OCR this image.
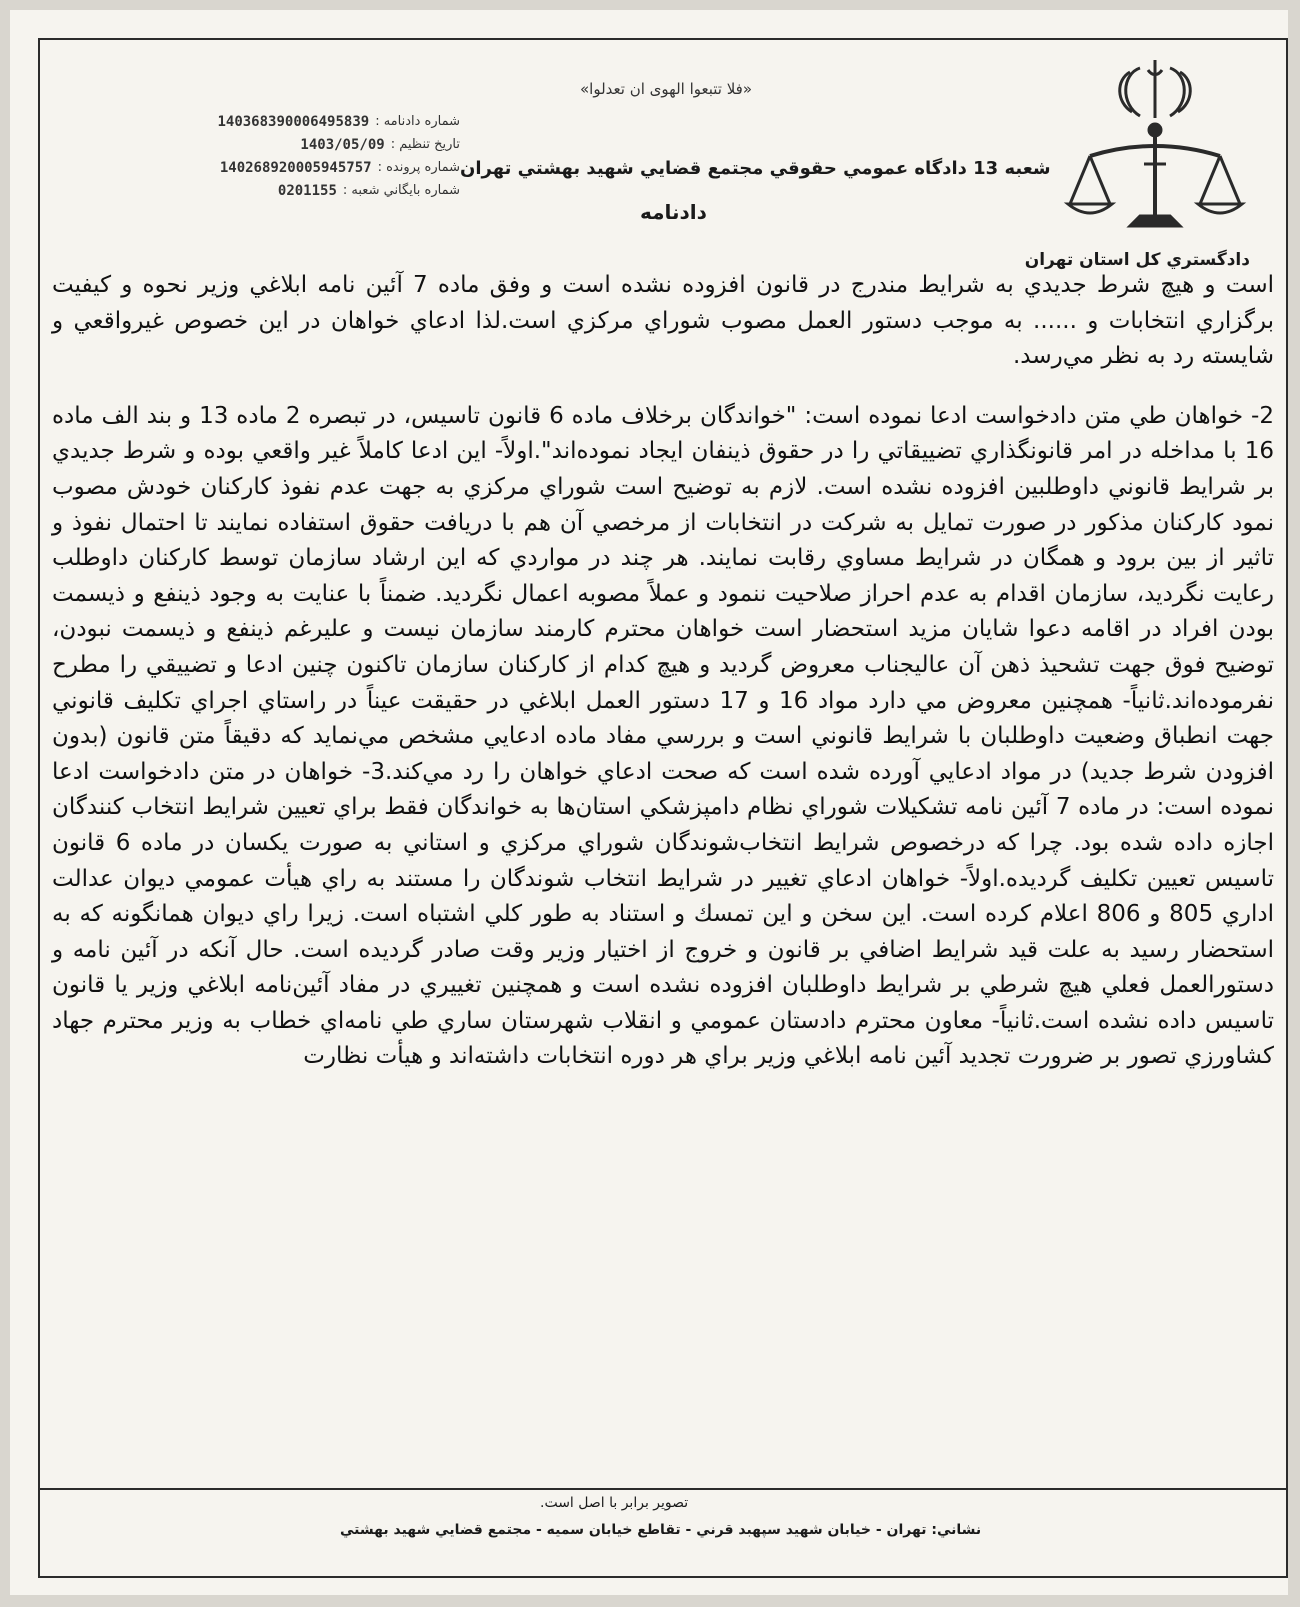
دادگستري كل استان تهران
«فلا تتبعوا الهوی ان تعدلوا»
شعبه 13 دادگاه عمومي حقوقي مجتمع قضايي شهيد بهشتي تهران
دادنامه
شماره دادنامه :
140368390006495839
تاريخ تنظيم :
1403/05/09
شماره پرونده :
140268920005945757
شماره بايگاني شعبه :
0201155

است و هيچ شرط جديدي به شرايط مندرج در قانون افزوده نشده است و وفق ماده 7 آئين نامه ابلاغي وزير نحوه و كيفيت برگزاري انتخابات و ...... به موجب دستور العمل مصوب شوراي مركزي است.لذا ادعاي خواهان در اين خصوص غيرواقعي و شايسته رد به نظر مي‌رسد.

2- خواهان طي متن دادخواست ادعا نموده است: "خواندگان برخلاف ماده 6 قانون تاسيس، در تبصره 2 ماده 13 و بند الف ماده 16 با مداخله در امر قانونگذاري تضييقاتي را در حقوق ذينفان ايجاد نموده‌اند".اولاً- اين ادعا كاملاً غير واقعي بوده و شرط جديدي بر شرايط قانوني داوطلبين افزوده نشده است. لازم به توضيح است شوراي مركزي به جهت عدم نفوذ كاركنان خودش مصوب نمود كاركنان مذكور در صورت تمايل به شركت در انتخابات از مرخصي آن هم با دريافت حقوق استفاده نمايند تا احتمال نفوذ و تاثير از بين برود و همگان در شرايط مساوي رقابت نمايند. هر چند در مواردي كه اين ارشاد سازمان توسط كاركنان داوطلب رعايت نگرديد، سازمان اقدام به عدم احراز صلاحيت ننمود و عملاً مصوبه اعمال نگرديد. ضمناً با عنايت به وجود ذينفع و ذيسمت بودن افراد در اقامه دعوا شايان مزيد استحضار است خواهان محترم كارمند سازمان نيست و عليرغم ذينفع و ذيسمت نبودن، توضيح فوق جهت تشحيذ ذهن آن عاليجناب معروض گرديد و هيچ كدام از كاركنان سازمان تاكنون چنين ادعا و تضييقي را مطرح نفرموده‌اند.ثانياً- همچنين معروض مي دارد مواد 16 و 17 دستور العمل ابلاغي در حقيقت عيناً در راستاي اجراي تكليف قانوني جهت انطباق وضعيت داوطلبان با شرايط قانوني است و بررسي مفاد ماده ادعايي مشخص مي‌نمايد كه دقيقاً متن قانون (بدون افزودن شرط جديد) در مواد ادعايي آورده شده است كه صحت ادعاي خواهان را رد مي‌كند.3- خواهان در متن دادخواست ادعا نموده است: در ماده 7 آئين نامه تشكيلات شوراي نظام دامپزشكي استان‌ها به خواندگان فقط براي تعيين شرايط انتخاب كنندگان اجازه داده شده بود. چرا كه درخصوص شرايط انتخاب‌شوندگان شوراي مركزي و استاني به صورت يكسان در ماده 6 قانون تاسيس تعيين تكليف گرديده.اولاً- خواهان ادعاي تغيير در شرايط انتخاب شوندگان را مستند به راي هيأت عمومي ديوان عدالت اداري 805 و 806 اعلام كرده است. اين سخن و اين تمسك و استناد به طور كلي اشتباه است. زيرا راي ديوان همانگونه كه به استحضار رسيد به علت قيد شرايط اضافي بر قانون و خروج از اختيار وزير وقت صادر گرديده است. حال آنكه در آئين نامه و دستورالعمل فعلي هيچ شرطي بر شرايط داوطلبان افزوده نشده است و همچنين تغييري در مفاد آئين‌نامه ابلاغي وزير يا قانون تاسيس داده نشده است.ثانياً- معاون محترم دادستان عمومي و انقلاب شهرستان ساري طي نامه‌اي خطاب به وزير محترم جهاد كشاورزي تصور بر ضرورت تجديد آئين نامه ابلاغي وزير براي هر دوره انتخابات داشته‌اند و هيأت نظارت

تصوير برابر با اصل است.
نشاني: تهران - خيابان شهيد سپهبد قرني - تقاطع خيابان سميه - مجتمع قضايي شهيد بهشتي
